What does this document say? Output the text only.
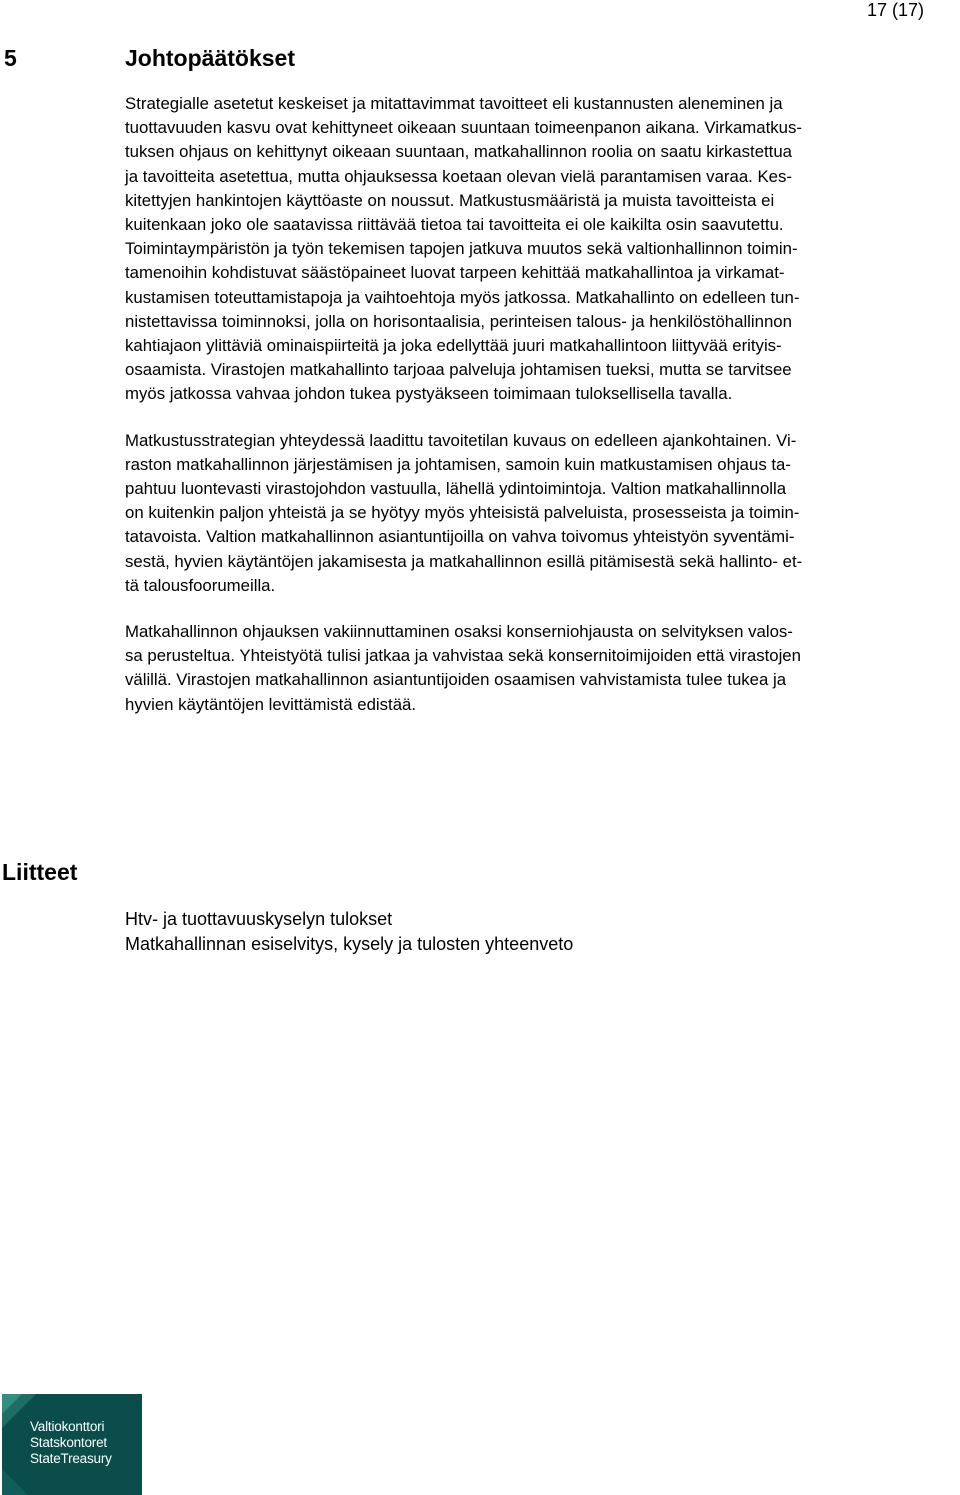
17 (17)
5	Johtopäätökset

Strategialle asetetut keskeiset ja mitattavimmat tavoitteet eli kustannusten aleneminen ja
tuottavuuden kasvu ovat kehittyneet oikeaan suuntaan toimeenpanon aikana. Virkamatkus-
tuksen ohjaus on kehittynyt oikeaan suuntaan, matkahallinnon roolia on saatu kirkastettua
ja tavoitteita asetettua, mutta ohjauksessa koetaan olevan vielä parantamisen varaa. Kes-
kitettyjen hankintojen käyttöaste on noussut. Matkustusmääristä ja muista tavoitteista ei
kuitenkaan joko ole saatavissa riittävää tietoa tai tavoitteita ei ole kaikilta osin saavutettu.
Toimintaympäristön ja työn tekemisen tapojen jatkuva muutos sekä valtionhallinnon toimin-
tamenoihin kohdistuvat säästöpaineet luovat tarpeen kehittää matkahallintoa ja virkamat-
kustamisen toteuttamistapoja ja vaihtoehtoja myös jatkossa. Matkahallinto on edelleen tun-
nistettavissa toiminnoksi, jolla on horisontaalisia, perinteisen talous- ja henkilöstöhallinnon
kahtiajaon ylittäviä ominaispiirteitä ja joka edellyttää juuri matkahallintoon liittyvää erityis-
osaamista. Virastojen matkahallinto tarjoaa palveluja johtamisen tueksi, mutta se tarvitsee
myös jatkossa vahvaa johdon tukea pystyäkseen toimimaan tuloksellisella tavalla.

Matkustusstrategian yhteydessä laadittu tavoitetilan kuvaus on edelleen ajankohtainen. Vi-
raston matkahallinnon järjestämisen ja johtamisen, samoin kuin matkustamisen ohjaus ta-
pahtuu luontevasti virastojohdon vastuulla, lähellä ydintoimintoja. Valtion matkahallinnolla
on kuitenkin paljon yhteistä ja se hyötyy myös yhteisistä palveluista, prosesseista ja toimin-
tatavoista. Valtion matkahallinnon asiantuntijoilla on vahva toivomus yhteistyön syventämi-
sestä, hyvien käytäntöjen jakamisesta ja matkahallinnon esillä pitämisestä sekä hallinto- et-
tä talousfoorumeilla.

Matkahallinnon ohjauksen vakiinnuttaminen osaksi konserniohjausta on selvityksen valos-
sa perusteltua. Yhteistyötä tulisi jatkaa ja vahvistaa sekä konsernitoimijoiden että virastojen
välillä. Virastojen matkahallinnon asiantuntijoiden osaamisen vahvistamista tulee tukea ja
hyvien käytäntöjen levittämistä edistää.

Liitteet
Htv- ja tuottavuuskyselyn tulokset
Matkahallinnan esiselvitys, kysely ja tulosten yhteenveto
Valtiokonttori
Statskontoret
StateTreasury
